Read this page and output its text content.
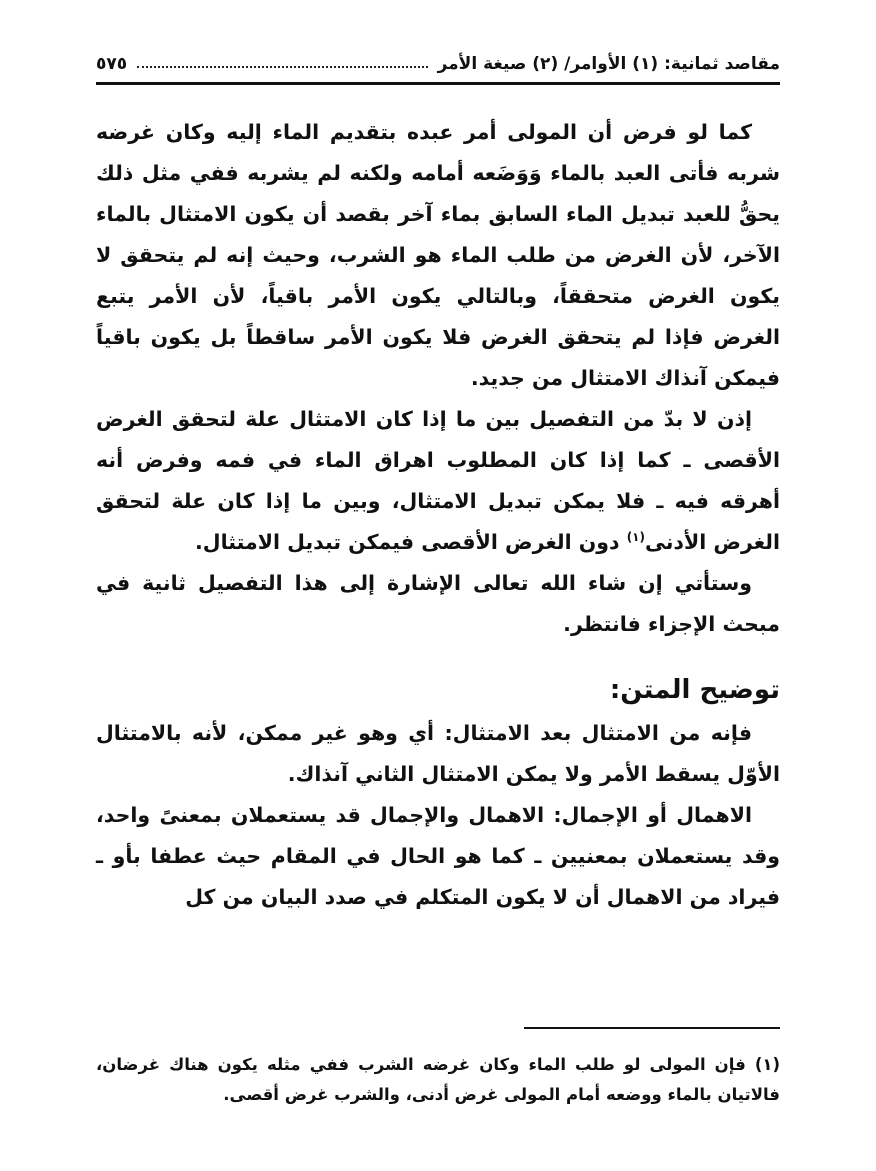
مقاصد ثمانية: (١) الأوامر/ (٢) صيغة الأمر
٥٧٥

كما لو فرض أن المولى أمر عبده بتقديم الماء إليه وكان غرضه شربه فأتى العبد بالماء وَوَضَعه أمامه ولكنه لم يشربه ففي مثل ذلك يحقُّ للعبد تبديل الماء السابق بماء آخر بقصد أن يكون الامتثال بالماء الآخر، لأن الغرض من طلب الماء هو الشرب، وحيث إنه لم يتحقق لا يكون الغرض متحققاً، وبالتالي يكون الأمر باقياً، لأن الأمر يتبع الغرض فإذا لم يتحقق الغرض فلا يكون الأمر ساقطاً بل يكون باقياً فيمكن آنذاك الامتثال من جديد.

إذن لا بدّ من التفصيل بين ما إذا كان الامتثال علة لتحقق الغرض الأقصى ـ كما إذا كان المطلوب اهراق الماء في فمه وفرض أنه أهرقه فيه ـ فلا يمكن تبديل الامتثال، وبين ما إذا كان علة لتحقق الغرض الأدنى$^{(١)}$ دون الغرض الأقصى فيمكن تبديل الامتثال.

وستأتي إن شاء الله تعالى الإشارة إلى هذا التفصيل ثانية في مبحث الإجزاء فانتظر.

توضيح المتن:

فإنه من الامتثال بعد الامتثال: أي وهو غير ممكن، لأنه بالامتثال الأوّل يسقط الأمر ولا يمكن الامتثال الثاني آنذاك.

الاهمال أو الإجمال: الاهمال والإجمال قد يستعملان بمعنىً واحد، وقد يستعملان بمعنيين ـ كما هو الحال في المقام حيث عطفا بأو ـ فيراد من الاهمال أن لا يكون المتكلم في صدد البيان من كل

(١) فإن المولى لو طلب الماء وكان غرضه الشرب ففي مثله يكون هناك غرضان، فالاتيان بالماء ووضعه أمام المولى غرض أدنى، والشرب غرض أقصى.
